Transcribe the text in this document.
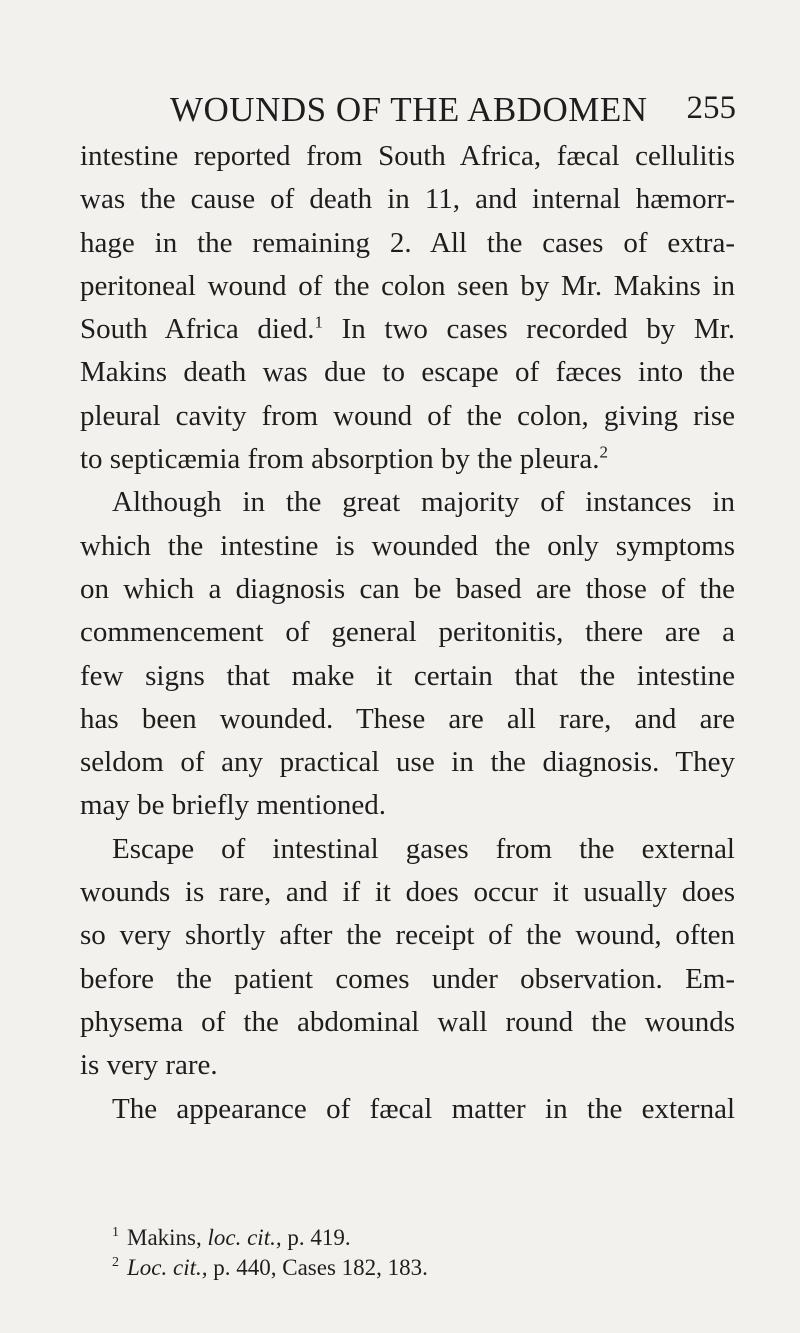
WOUNDS OF THE ABDOMEN 255
intestine reported from South Africa, fæcal cellulitis
was the cause of death in 11, and internal hæmorr-
hage in the remaining 2. All the cases of extra-
peritoneal wound of the colon seen by Mr. Makins in
South Africa died.$^1$ In two cases recorded by Mr.
Makins death was due to escape of fæces into the
pleural cavity from wound of the colon, giving rise
to septicæmia from absorption by the pleura.$^2$
Although in the great majority of instances in
which the intestine is wounded the only symptoms
on which a diagnosis can be based are those of the
commencement of general peritonitis, there are a
few signs that make it certain that the intestine
has been wounded. These are all rare, and are
seldom of any practical use in the diagnosis. They
may be briefly mentioned.
Escape of intestinal gases from the external
wounds is rare, and if it does occur it usually does
so very shortly after the receipt of the wound, often
before the patient comes under observation. Em-
physema of the abdominal wall round the wounds
is very rare.
The appearance of fæcal matter in the external
$^1$ Makins, loc. cit., p. 419.
$^2$ Loc. cit., p. 440, Cases 182, 183.
